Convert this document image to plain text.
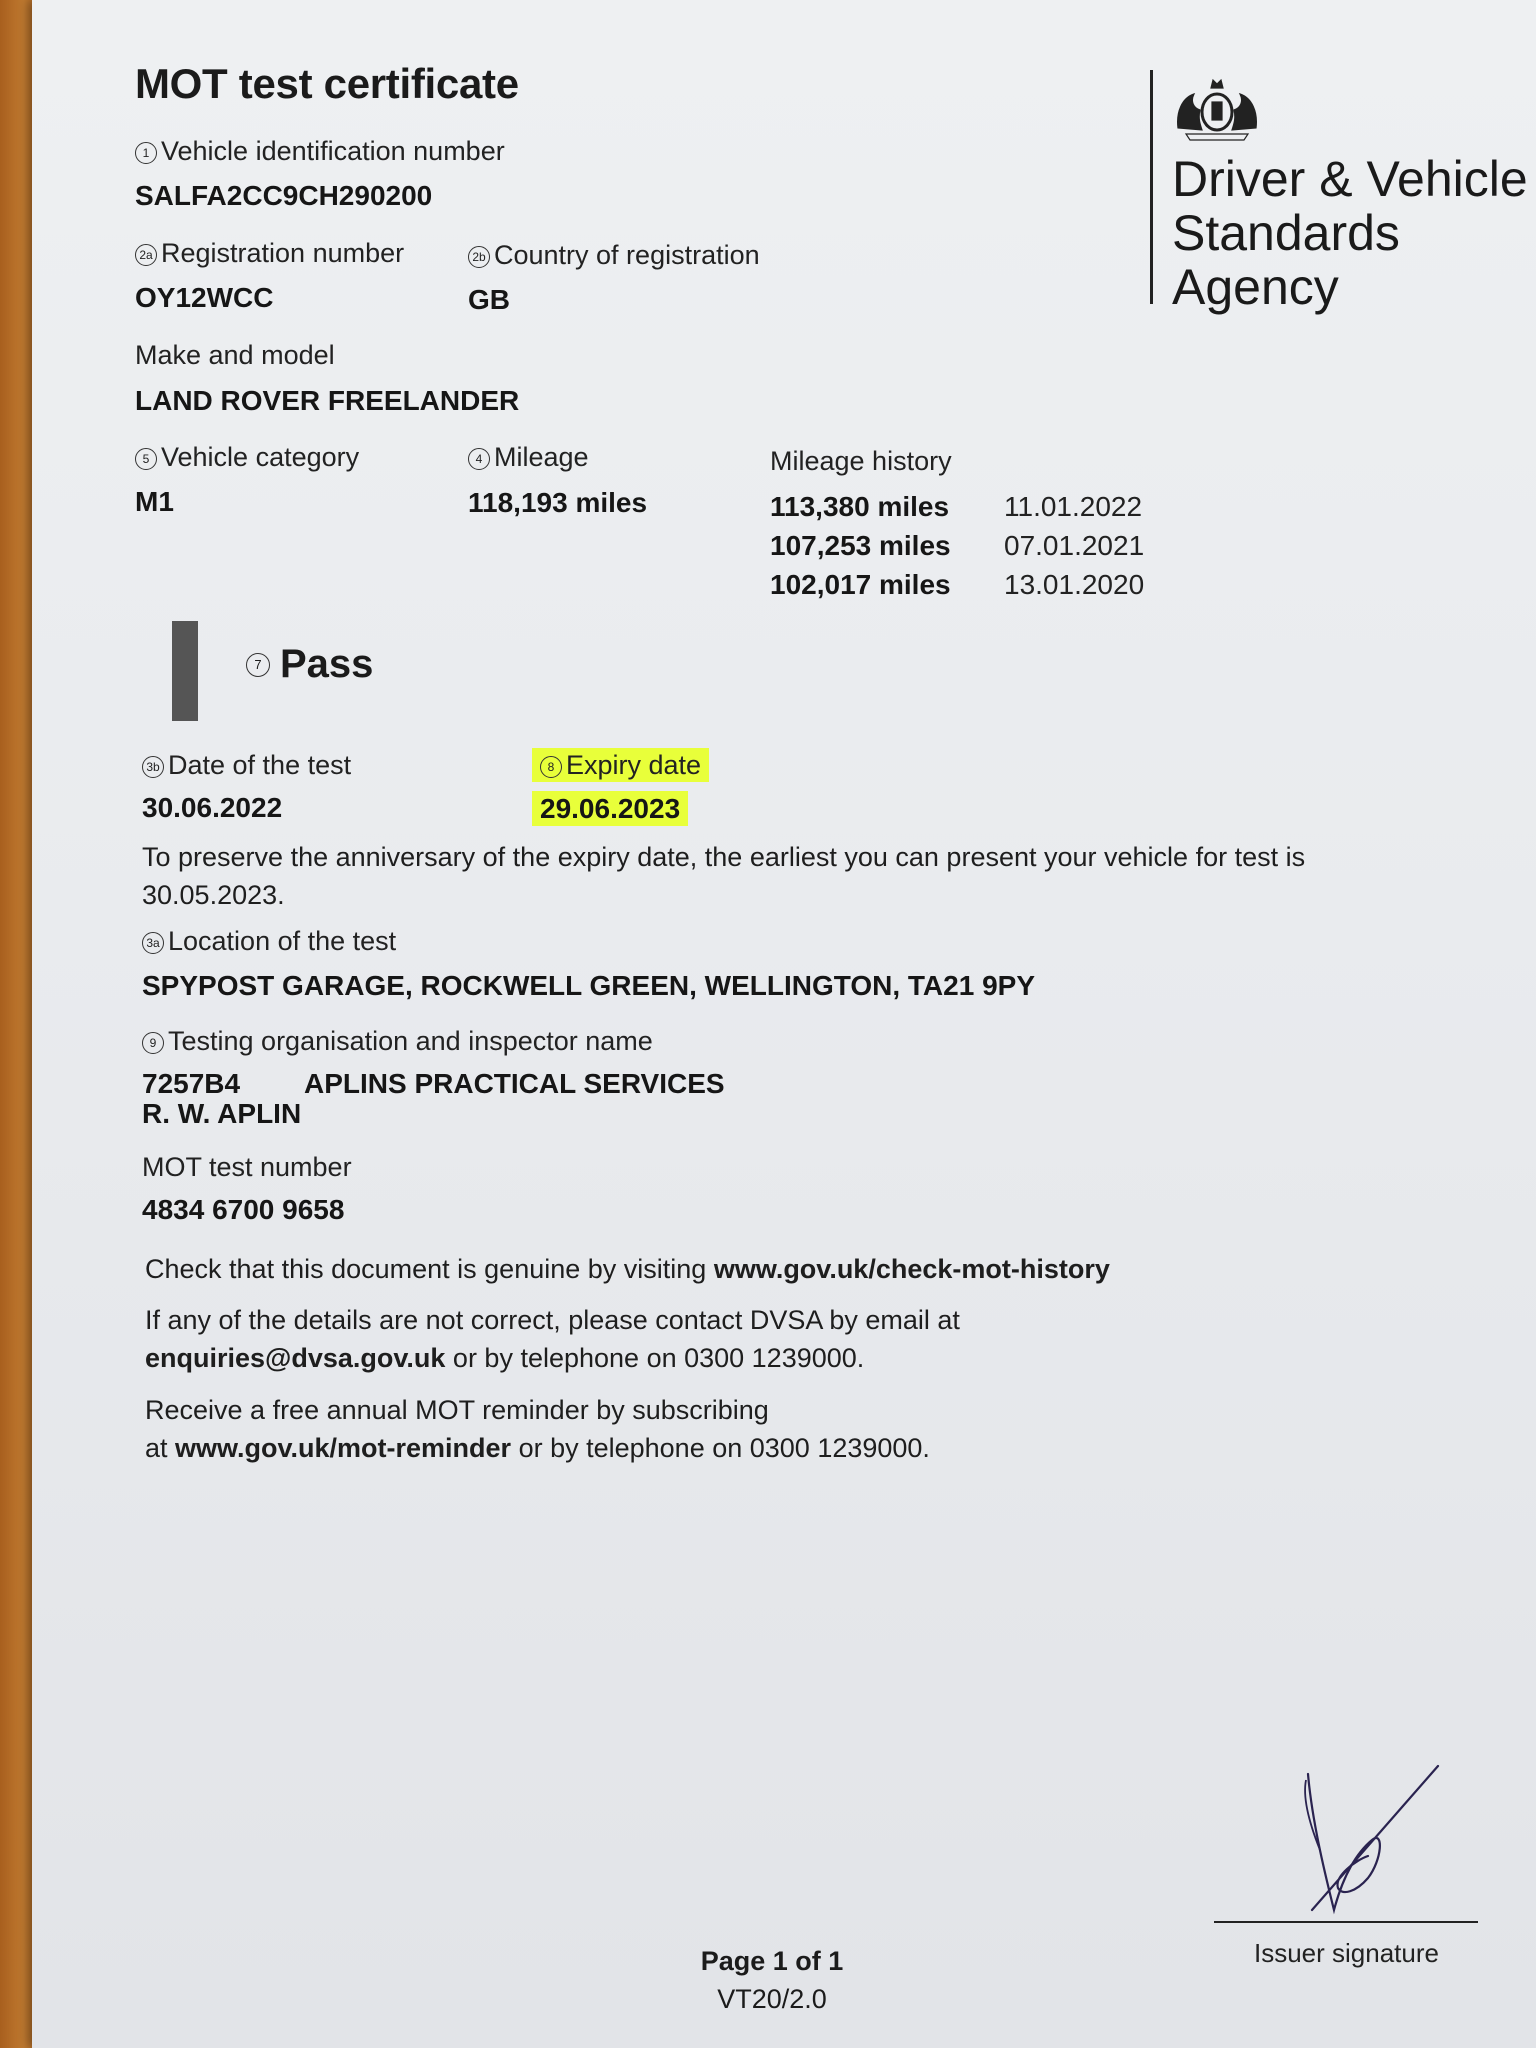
MOT test certificate
1 Vehicle identification number
SALFA2CC9CH290200
2a Registration number
OY12WCC
2b Country of registration
GB
Make and model
LAND ROVER FREELANDER
5 Vehicle category
M1
4 Mileage
118,193 miles
Mileage history
113,380 miles 11.01.2022
107,253 miles 07.01.2021
102,017 miles 13.01.2020
Driver & Vehicle Standards Agency
7 Pass
3b Date of the test
30.06.2022
8 Expiry date
29.06.2023
To preserve the anniversary of the expiry date, the earliest you can present your vehicle for test is
30.05.2023.
3a Location of the test
SPYPOST GARAGE, ROCKWELL GREEN, WELLINGTON, TA21 9PY
9 Testing organisation and inspector name
7257B4 APLINS PRACTICAL SERVICES
R. W. APLIN
MOT test number
4834 6700 9658
Check that this document is genuine by visiting www.gov.uk/check-mot-history
If any of the details are not correct, please contact DVSA by email at
enquiries@dvsa.gov.uk or by telephone on 0300 1239000.
Receive a free annual MOT reminder by subscribing
at www.gov.uk/mot-reminder or by telephone on 0300 1239000.
Issuer signature
Page 1 of 1
VT20/2.0
